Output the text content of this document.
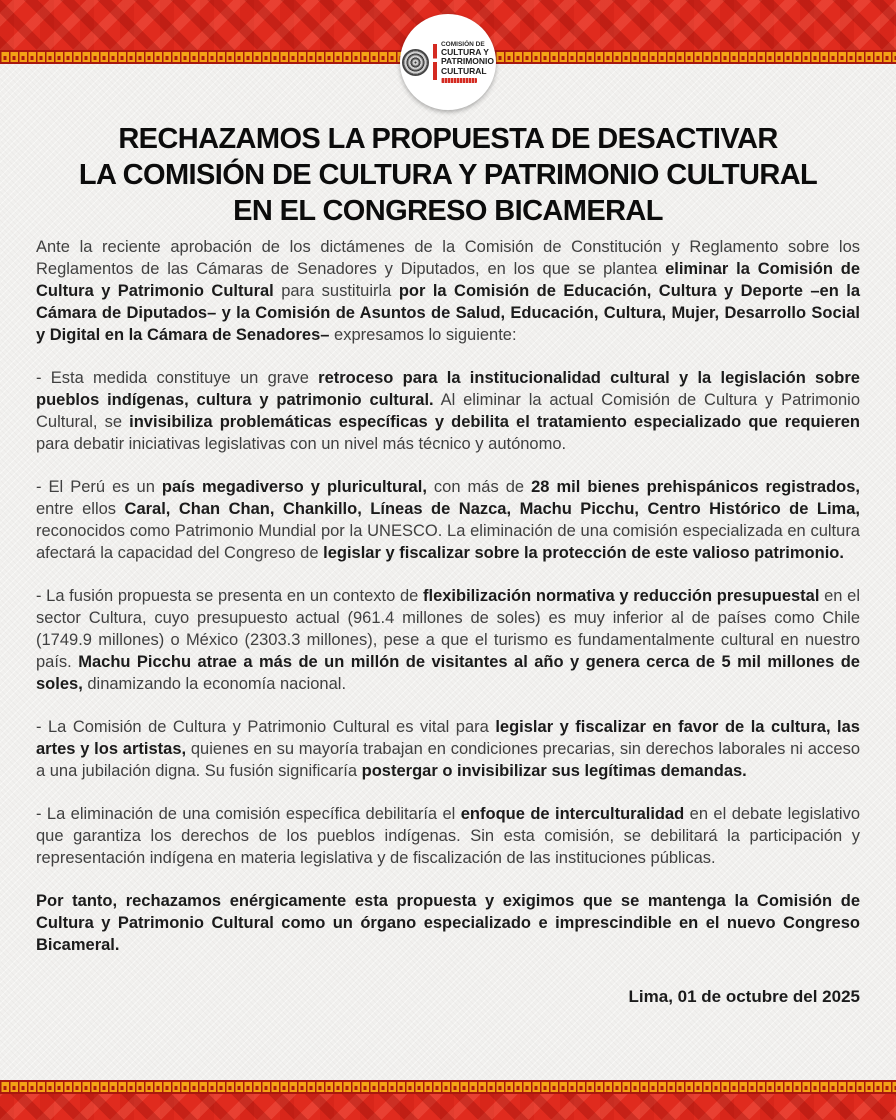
COMISIÓN DE
CULTURA Y
PATRIMONIO
CULTURAL
RECHAZAMOS LA PROPUESTA DE DESACTIVAR
LA COMISIÓN DE CULTURA Y PATRIMONIO CULTURAL
EN EL CONGRESO BICAMERAL

Ante la reciente aprobación de los dictámenes de la Comisión de Constitución y Reglamento sobre los Reglamentos de las Cámaras de Senadores y Diputados, en los que se plantea eliminar la Comisión de Cultura y Patrimonio Cultural para sustituirla por la Comisión de Educación, Cultura y Deporte –en la Cámara de Diputados– y la Comisión de Asuntos de Salud, Educación, Cultura, Mujer, Desarrollo Social y Digital en la Cámara de Senadores– expresamos lo siguiente:

- Esta medida constituye un grave retroceso para la institucionalidad cultural y la legislación sobre pueblos indígenas, cultura y patrimonio cultural. Al eliminar la actual Comisión de Cultura y Patrimonio Cultural, se invisibiliza problemáticas específicas y debilita el tratamiento especializado que requieren para debatir iniciativas legislativas con un nivel más técnico y autónomo.

- El Perú es un país megadiverso y pluricultural, con más de 28 mil bienes prehispánicos registrados, entre ellos Caral, Chan Chan, Chankillo, Líneas de Nazca, Machu Picchu, Centro Histórico de Lima, reconocidos como Patrimonio Mundial por la UNESCO. La eliminación de una comisión especializada en cultura afectará la capacidad del Congreso de legislar y fiscalizar sobre la protección de este valioso patrimonio.

- La fusión propuesta se presenta en un contexto de flexibilización normativa y reducción presupuestal en el sector Cultura, cuyo presupuesto actual (961.4 millones de soles) es muy inferior al de países como Chile (1749.9 millones) o México (2303.3 millones), pese a que el turismo es fundamentalmente cultural en nuestro país. Machu Picchu atrae a más de un millón de visitantes al año y genera cerca de 5 mil millones de soles, dinamizando la economía nacional.

- La Comisión de Cultura y Patrimonio Cultural es vital para legislar y fiscalizar en favor de la cultura, las artes y los artistas, quienes en su mayoría trabajan en condiciones precarias, sin derechos laborales ni acceso a una jubilación digna. Su fusión significaría postergar o invisibilizar sus legítimas demandas.

- La eliminación de una comisión específica debilitaría el enfoque de interculturalidad en el debate legislativo que garantiza los derechos de los pueblos indígenas. Sin esta comisión, se debilitará la participación y representación indígena en materia legislativa y de fiscalización de las instituciones públicas.

Por tanto, rechazamos enérgicamente esta propuesta y exigimos que se mantenga la Comisión de Cultura y Patrimonio Cultural como un órgano especializado e imprescindible en el nuevo Congreso Bicameral.

Lima, 01 de octubre del 2025
